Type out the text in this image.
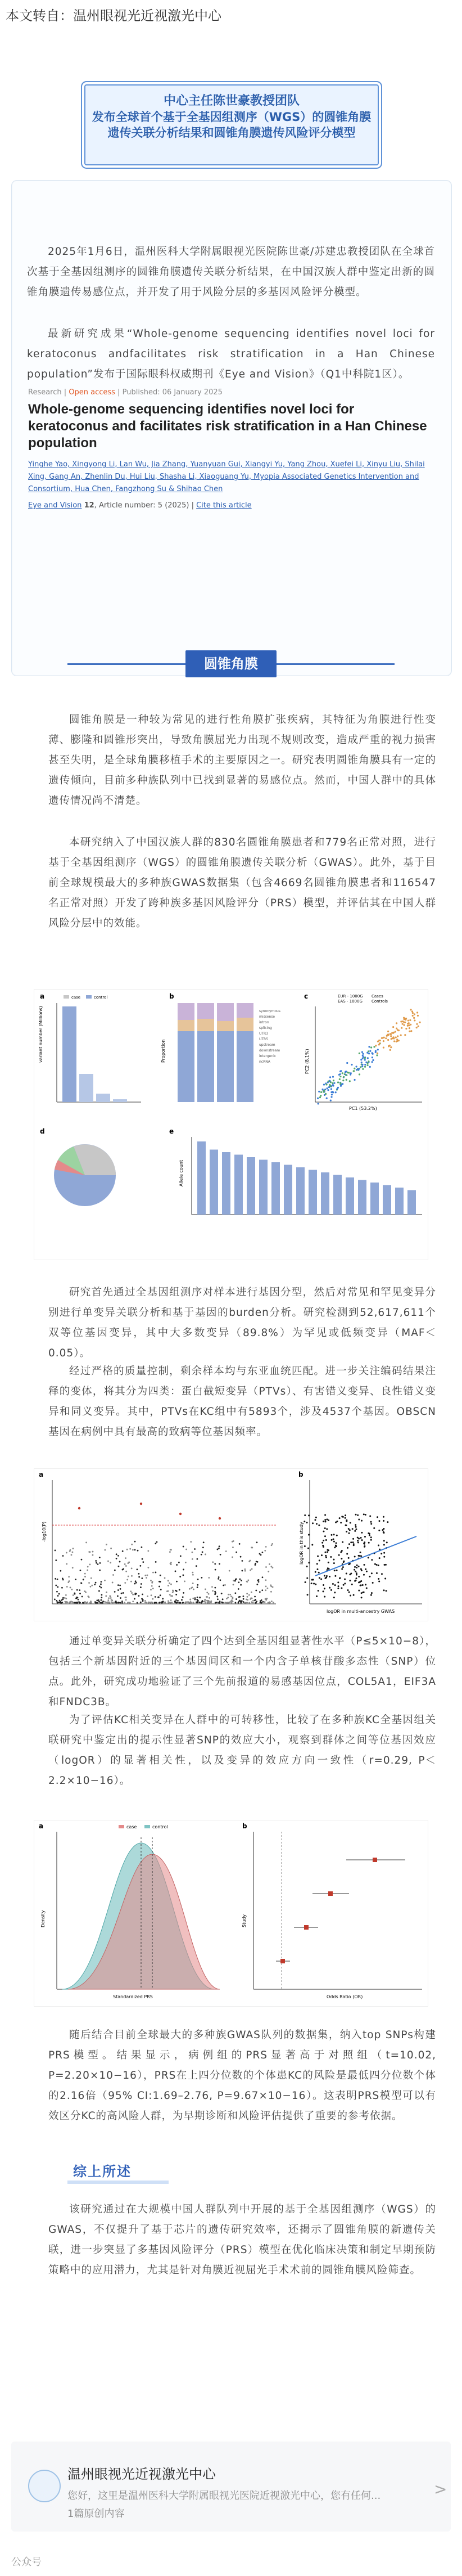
本文转自：温州眼视光近视激光中心
中心主任陈世豪教授团队
发布全球首个基于全基因组测序（WGS）的圆锥角膜
遗传关联分析结果和圆锥角膜遗传风险评分模型
2025年1月6日，温州医科大学附属眼视光医院陈世豪/苏建忠教授团队在全球首次基于全基因组测序的圆锥角膜遗传关联分析结果，在中国汉族人群中鉴定出新的圆锥角膜遗传易感位点，并开发了用于风险分层的多基因风险评分模型。
最新研究成果“Whole-genome sequencing identifies novel loci for keratoconus andfacilitates risk stratification in a Han Chinese population”发布于国际眼科权威期刊《Eye and Vision》（Q1中科院1区）。
Research | Open access | Published: 06 January 2025
Whole-genome sequencing identifies novel loci for keratoconus and facilitates risk stratification in a Han Chinese population
Yinghe Yao, Xingyong Li, Lan Wu, Jia Zhang, Yuanyuan Gui, Xiangyi Yu, Yang Zhou, Xuefei Li, Xinyu Liu, Shilai Xing, Gang An, Zhenlin Du, Hui Liu, Shasha Li, Xiaoguang Yu, Myopia Associated Genetics Intervention and Consortium, Hua Chen, Fangzhong Su & Shihao Chen
Eye and Vision 12, Article number: 5 (2025) | Cite this article
圆锥角膜
圆锥角膜是一种较为常见的进行性角膜扩张疾病，其特征为角膜进行性变薄、膨隆和圆锥形突出，导致角膜屈光力出现不规则改变，造成严重的视力损害甚至失明，是全球角膜移植手术的主要原因之一。研究表明圆锥角膜具有一定的遗传倾向，目前多种族队列中已找到显著的易感位点。然而，中国人群中的具体遗传情况尚不清楚。
本研究纳入了中国汉族人群的830名圆锥角膜患者和779名正常对照，进行基于全基因组测序（WGS）的圆锥角膜遗传关联分析（GWAS）。此外，基于目前全球规模最大的多种族GWAS数据集（包含4669名圆锥角膜患者和116547名正常对照）开发了跨种族多基因风险评分（PRS）模型，并评估其在中国人群风险分层中的效能。
a	case	control
variant number (Millions)
b
Proportion
synonymous
missense
intron
splicing
UTR3
UTR5
upstream
downstream
intergenic
ncRNA
c	EUR - 1000G
EAS - 1000G
Cases
Controls
PC1 (53.2%)
PC2 (8.1%)
d	e
Allele count
研究首先通过全基因组测序对样本进行基因分型，然后对常见和罕见变异分别进行单变异关联分析和基于基因的burden分析。研究检测到52,617,611个双等位基因变异，其中大多数变异（89.8%）为罕见或低频变异（MAF＜0.05）。
经过严格的质量控制，剩余样本均与东亚血统匹配。进一步关注编码结果注释的变体，将其分为四类：蛋白截短变异（PTVs）、有害错义变异、良性错义变异和同义变异。其中，PTVs在KC组中有5893个，涉及4537个基因。OBSCN基因在病例中具有最高的致病等位基因频率。
a
-log10(P)
b
logOR in this study
logOR in multi-ancestry GWAS
通过单变异关联分析确定了四个达到全基因组显著性水平（P≤5×10−8），包括三个新基因附近的三个基因间区和一个内含子单核苷酸多态性（SNP）位点。此外，研究成功地验证了三个先前报道的易感基因位点，COL5A1，EIF3A和FNDC3B。
为了评估KC相关变异在人群中的可转移性，比较了在多种族KC全基因组关联研究中鉴定出的提示性显著SNP的效应大小，观察到群体之间等位基因效应（logOR）的显著相关性，以及变异的效应方向一致性（r=0.29, P＜2.2×10−16）。
a	case	control
Density
Standardized PRS
b
Study
Odds Ratio (OR)
随后结合目前全球最大的多种族GWAS队列的数据集，纳入top SNPs构建PRS模型。结果显示，病例组的PRS显著高于对照组（t=10.02, P=2.20×10−16），PRS在上四分位数的个体患KC的风险是最低四分位数个体的2.16倍（95% CI:1.69–2.76, P=9.67×10−16）。这表明PRS模型可以有效区分KC的高风险人群，为早期诊断和风险评估提供了重要的参考依据。
综上所述
该研究通过在大规模中国人群队列中开展的基于全基因组测序（WGS）的GWAS，不仅提升了基于芯片的遗传研究效率，还揭示了圆锥角膜的新遗传关联，进一步突显了多基因风险评分（PRS）模型在优化临床决策和制定早期预防策略中的应用潜力，尤其是针对角膜近视屈光手术术前的圆锥角膜风险筛查。
温州眼视光近视激光中心
您好，这里是温州医科大学附属眼视光医院近视激光中心，您有任何...
1篇原创内容
>
公众号
